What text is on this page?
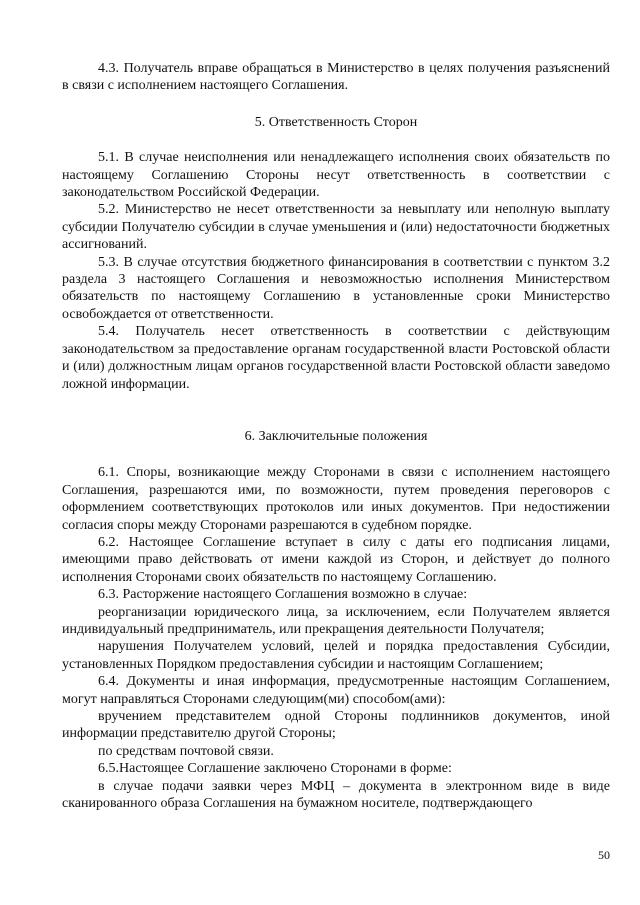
4.3. Получатель вправе обращаться в Министерство в целях получения разъяснений в связи с исполнением настоящего Соглашения.

5. Ответственность Сторон

5.1. В случае неисполнения или ненадлежащего исполнения своих обязательств по настоящему Соглашению Стороны несут ответственность в соответствии с законодательством Российской Федерации.

5.2. Министерство не несет ответственности за невыплату или неполную выплату субсидии Получателю субсидии в случае уменьшения и (или) недостаточности бюджетных ассигнований.

5.3. В случае отсутствия бюджетного финансирования в соответствии с пунктом 3.2 раздела 3 настоящего Соглашения и невозможностью исполнения Министерством обязательств по настоящему Соглашению в установленные сроки Министерство освобождается от ответственности.

5.4. Получатель несет ответственность в соответствии с действующим законодательством за предоставление органам государственной власти Ростовской области и (или) должностным лицам органов государственной власти Ростовской области заведомо ложной информации.

6. Заключительные положения

6.1. Споры, возникающие между Сторонами в связи с исполнением настоящего Соглашения, разрешаются ими, по возможности, путем проведения переговоров с оформлением соответствующих протоколов или иных документов. При недостижении согласия споры между Сторонами разрешаются в судебном порядке.

6.2. Настоящее Соглашение вступает в силу с даты его подписания лицами, имеющими право действовать от имени каждой из Сторон, и действует до полного исполнения Сторонами своих обязательств по настоящему Соглашению.

6.3. Расторжение настоящего Соглашения возможно в случае:

реорганизации юридического лица, за исключением, если Получателем является индивидуальный предприниматель, или прекращения деятельности Получателя;

нарушения Получателем условий, целей и порядка предоставления Субсидии, установленных Порядком предоставления субсидии и настоящим Соглашением;

6.4. Документы и иная информация, предусмотренные настоящим Соглашением, могут направляться Сторонами следующим(ми) способом(ами):

вручением представителем одной Стороны подлинников документов, иной информации представителю другой Стороны;

по средствам почтовой связи.

6.5.Настоящее Соглашение заключено Сторонами в форме:

в случае подачи заявки через МФЦ – документа в электронном виде в виде сканированного образа Соглашения на бумажном носителе, подтверждающего

50
